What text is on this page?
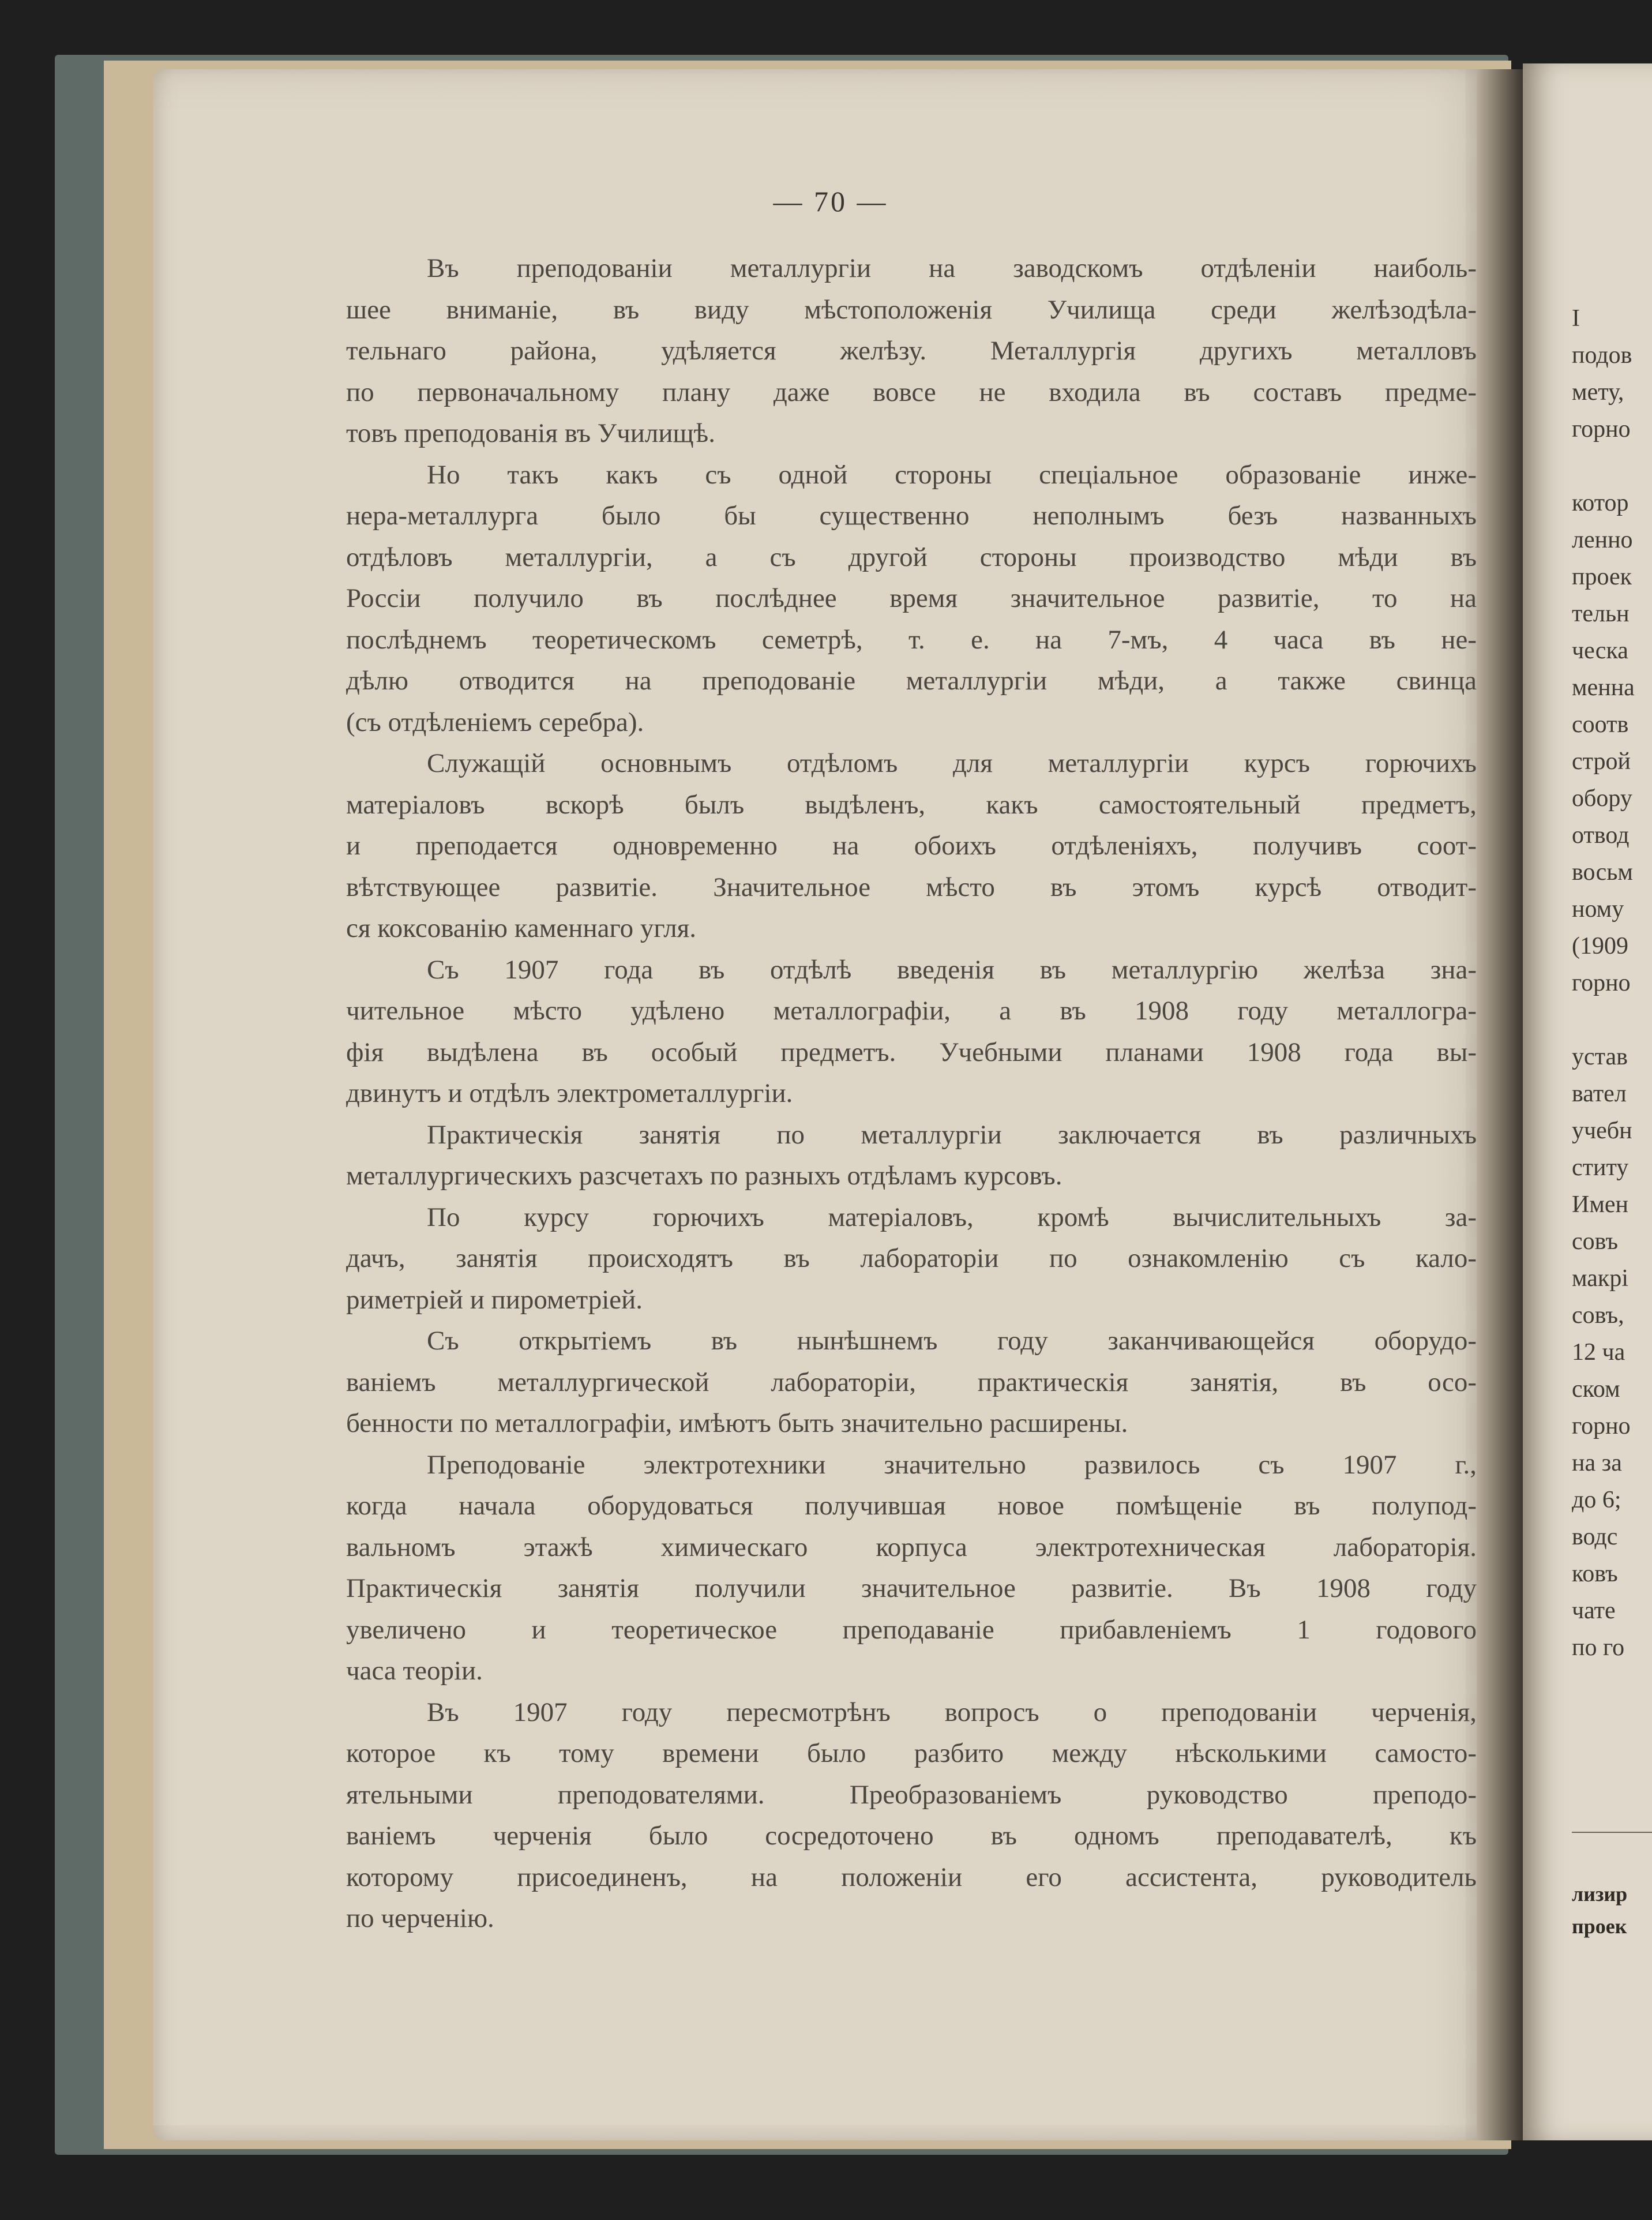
— 70 —

Въ преподованіи металлургіи на заводскомъ отдѣленіи наиболь-
шее вниманіе, въ виду мѣстоположенія Училища среди желѣзодѣла-
тельнаго района, удѣляется желѣзу. Металлургія другихъ металловъ
по первоначальному плану даже вовсе не входила въ составъ предме-
товъ преподованія въ Училищѣ.

Но такъ какъ съ одной стороны спеціальное образованіе инже-
нера-металлурга было бы существенно неполнымъ безъ названныхъ
отдѣловъ металлургіи, а съ другой стороны производство мѣди въ
Россіи получило въ послѣднее время значительное развитіе, то на
послѣднемъ теоретическомъ семетрѣ, т. е. на 7-мъ, 4 часа въ не-
дѣлю отводится на преподованіе металлургіи мѣди, а также свинца
(съ отдѣленіемъ серебра).

Служащій основнымъ отдѣломъ для металлургіи курсъ горючихъ
матеріаловъ вскорѣ былъ выдѣленъ, какъ самостоятельный предметъ,
и преподается одновременно на обоихъ отдѣленіяхъ, получивъ соот-
вѣтствующее развитіе. Значительное мѣсто въ этомъ курсѣ отводит-
ся коксованію каменнаго угля.

Съ 1907 года въ отдѣлѣ введенія въ металлургію желѣза зна-
чительное мѣсто удѣлено металлографіи, а въ 1908 году металлогра-
фія выдѣлена въ особый предметъ. Учебными планами 1908 года вы-
двинутъ и отдѣлъ электрометаллургіи.

Практическія занятія по металлургіи заключается въ различныхъ
металлургическихъ разсчетахъ по разныхъ отдѣламъ курсовъ.

По курсу горючихъ матеріаловъ, кромѣ вычислительныхъ за-
дачъ, занятія происходятъ въ лабораторіи по ознакомленію съ кало-
риметріей и пирометріей.

Съ открытіемъ въ нынѣшнемъ году заканчивающейся оборудо-
ваніемъ металлургической лабораторіи, практическія занятія, въ осо-
бенности по металлографіи, имѣютъ быть значительно расширены.

Преподованіе электротехники значительно развилось съ 1907 г.,
когда начала оборудоваться получившая новое помѣщеніе въ полупод-
вальномъ этажѣ химическаго корпуса электротехническая лабораторія.
Практическія занятія получили значительное развитіе. Въ 1908 году
увеличено и теоретическое преподаваніе прибавленіемъ 1 годового
часа теоріи.

Въ 1907 году пересмотрѣнъ вопросъ о преподованіи черченія,
которое къ тому времени было разбито между нѣсколькими самосто-
ятельными преподователями. Преобразованіемъ руководство преподо-
ваніемъ черченія было сосредоточено въ одномъ преподавателѣ, къ
которому присоединенъ, на положеніи его ассистента, руководитель
по черченію.

I
подов
мету,
горно
котор
ленно
проек
тельн
ческа
менна
соотв
строй
обору
отвод
восьм
ному
(1909
горно
устав
вател
учебн
ститу
Имен
совъ
макрі
совъ,
12 ча
ском
горно
на за
до 6;
водс
ковъ
чате
по го
лизир
проек
